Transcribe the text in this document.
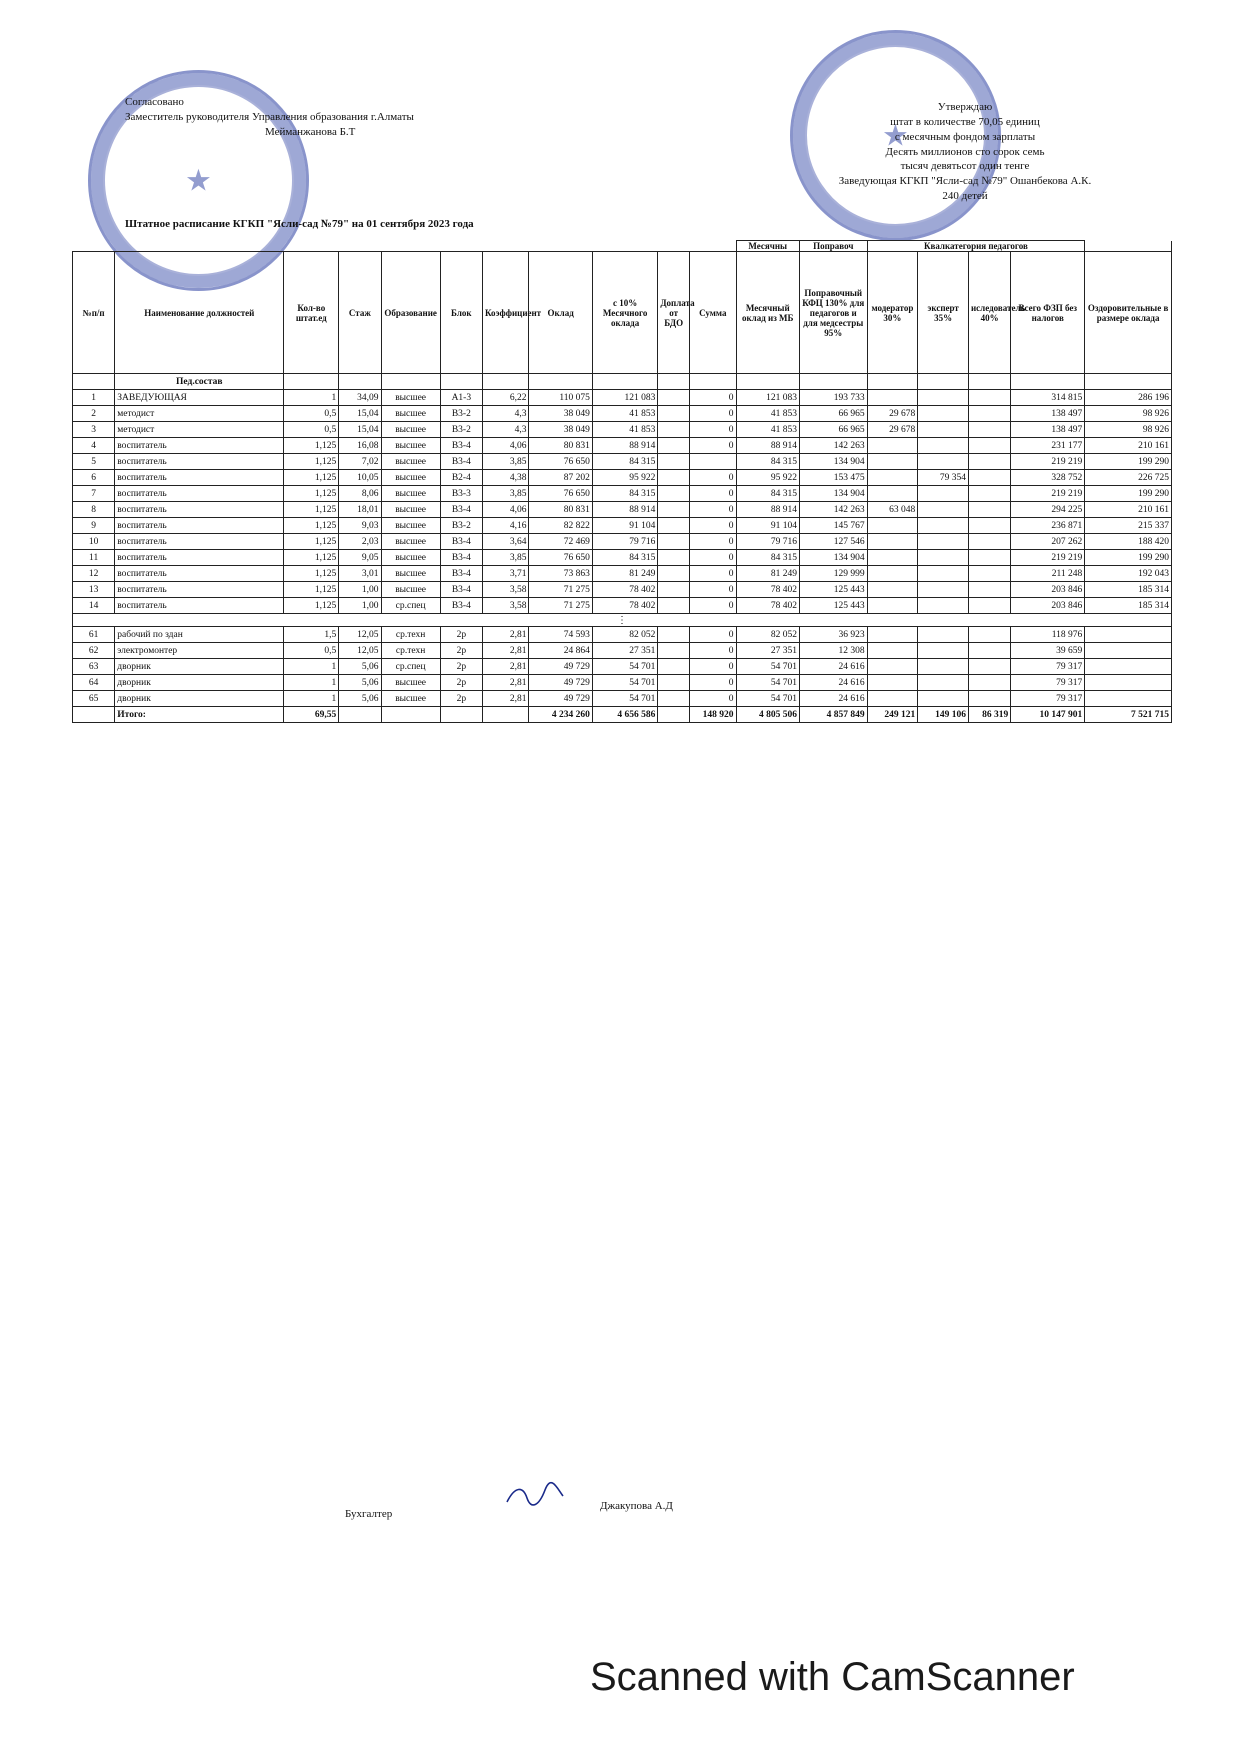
★
★
Согласовано
Заместитель руководителя Управления образования г.Алматы
Мейманжанова Б.Т
Утверждаю
штат в количестве 70,05 единиц
с месячным фондом зарплаты
Десять миллионов сто сорок семь
тысяч девятьсот один тенге
Заведующая КГКП "Ясли-сад №79" Ошанбекова А.К.
240 детей
Штатное расписание КГКП "Ясли-сад №79" на 01 сентября 2023 года
											Месячны	Поправоч	Квалкатегория педагогов				
№п/п	Наименование должностей	Кол-во штат.ед	Стаж	Образование	Блок	Коэффициент	Оклад	с 10% Месячного оклада	Доплата от БДО	Сумма	Месячный оклад из МБ	Поправочный КФЦ 130% для педагогов и для медсестры 95%	модератор 30%	эксперт 35%	иследователь 40%	Всего ФЗП без налогов	Оздоровительные в размере оклада
	Пед.состав																
1	ЗАВЕДУЮЩАЯ	1	34,09	высшее	А1-3	6,22	110 075	121 083		0	121 083	193 733				314 815	286 196
2	методист	0,5	15,04	высшее	В3-2	4,3	38 049	41 853		0	41 853	66 965	29 678			138 497	98 926
3	методист	0,5	15,04	высшее	В3-2	4,3	38 049	41 853		0	41 853	66 965	29 678			138 497	98 926
4	воспитатель	1,125	16,08	высшее	В3-4	4,06	80 831	88 914		0	88 914	142 263				231 177	210 161
5	воспитатель	1,125	7,02	высшее	В3-4	3,85	76 650	84 315			84 315	134 904				219 219	199 290
6	воспитатель	1,125	10,05	высшее	В2-4	4,38	87 202	95 922		0	95 922	153 475		79 354		328 752	226 725
7	воспитатель	1,125	8,06	высшее	В3-3	3,85	76 650	84 315		0	84 315	134 904				219 219	199 290
8	воспитатель	1,125	18,01	высшее	В3-4	4,06	80 831	88 914		0	88 914	142 263	63 048			294 225	210 161
9	воспитатель	1,125	9,03	высшее	В3-2	4,16	82 822	91 104		0	91 104	145 767				236 871	215 337
10	воспитатель	1,125	2,03	высшее	В3-4	3,64	72 469	79 716		0	79 716	127 546				207 262	188 420
11	воспитатель	1,125	9,05	высшее	В3-4	3,85	76 650	84 315		0	84 315	134 904				219 219	199 290
12	воспитатель	1,125	3,01	высшее	В3-4	3,71	73 863	81 249		0	81 249	129 999				211 248	192 043
13	воспитатель	1,125	1,00	высшее	В3-4	3,58	71 275	78 402		0	78 402	125 443				203 846	185 314
14	воспитатель	1,125	1,00	ср.спец	В3-4	3,58	71 275	78 402		0	78 402	125 443				203 846	185 314
⋮																	
61	рабочий по здан	1,5	12,05	ср.техн	2р	2,81	74 593	82 052		0	82 052	36 923				118 976	
62	электромонтер	0,5	12,05	ср.техн	2р	2,81	24 864	27 351		0	27 351	12 308				39 659	
63	дворник	1	5,06	ср.спец	2р	2,81	49 729	54 701		0	54 701	24 616				79 317	
64	дворник	1	5,06	высшее	2р	2,81	49 729	54 701		0	54 701	24 616				79 317	
65	дворник	1	5,06	высшее	2р	2,81	49 729	54 701		0	54 701	24 616				79 317	
	Итого:	69,55					4 234 260	4 656 586		148 920	4 805 506	4 857 849	249 121	149 106	86 319	10 147 901	7 521 715
Бухгалтер
Джакупова А.Д
Scanned with CamScanner
